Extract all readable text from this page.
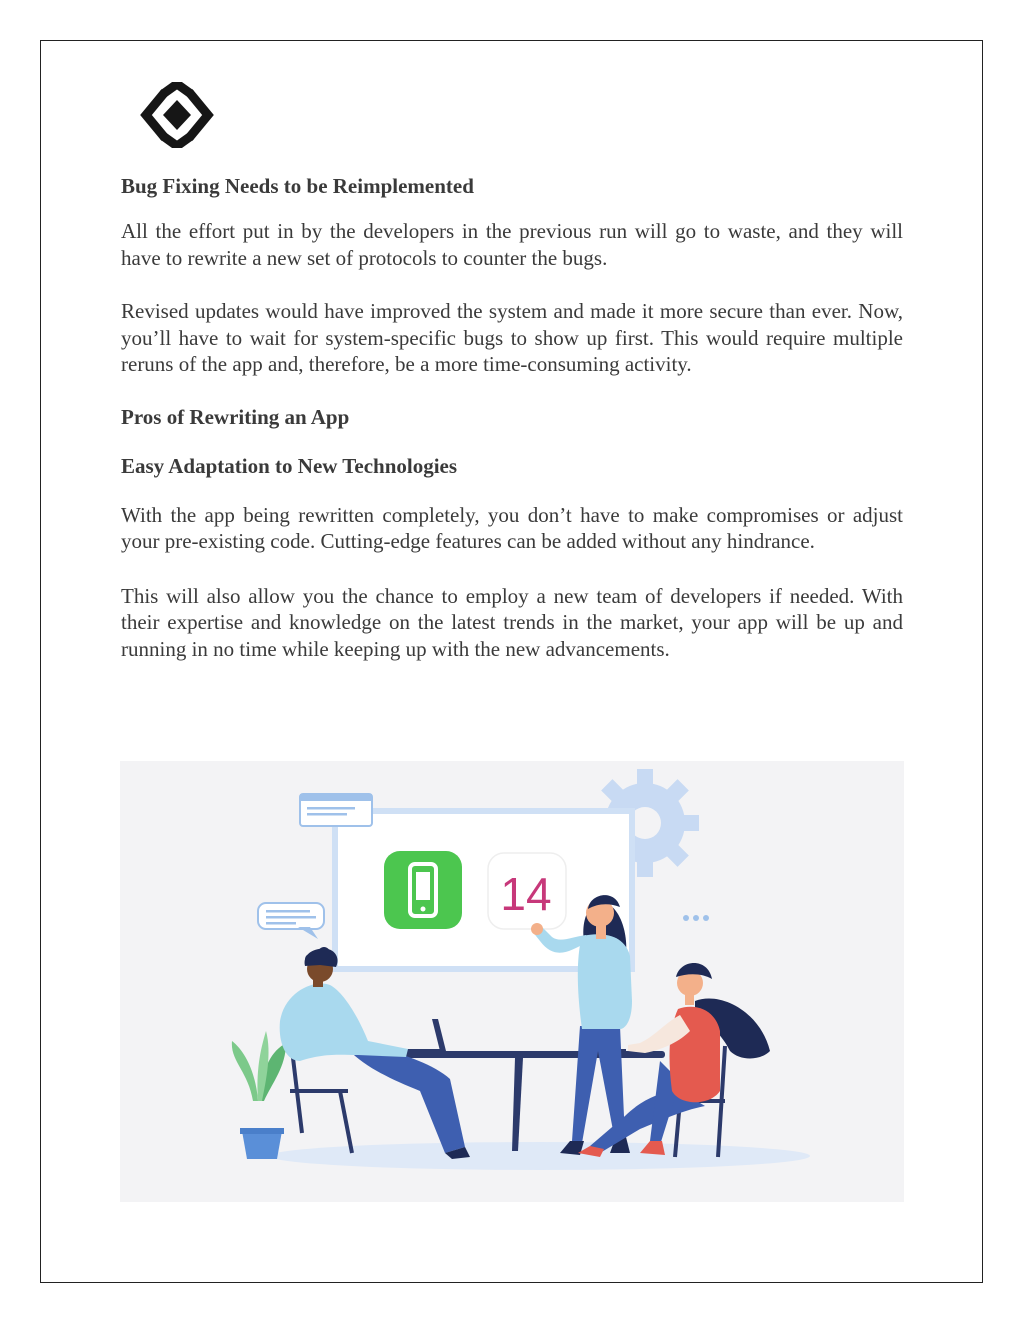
Bug Fixing Needs to be Reimplemented

All the effort put in by the developers in the previous run will go to waste, and they will have to rewrite a new set of protocols to counter the bugs.

Revised updates would have improved the system and made it more secure than ever. Now, you’ll have to wait for system-specific bugs to show up first. This would require multiple reruns of the app and, therefore, be a more time-consuming activity.

Pros of Rewriting an App
Easy Adaptation to New Technologies

With the app being rewritten completely, you don’t have to make compromises or adjust your pre-existing code. Cutting-edge features can be added without any hindrance.

This will also allow you the chance to employ a new team of developers if needed. With their expertise and knowledge on the latest trends in the market, your app will be up and running in no time while keeping up with the new advancements.

14
